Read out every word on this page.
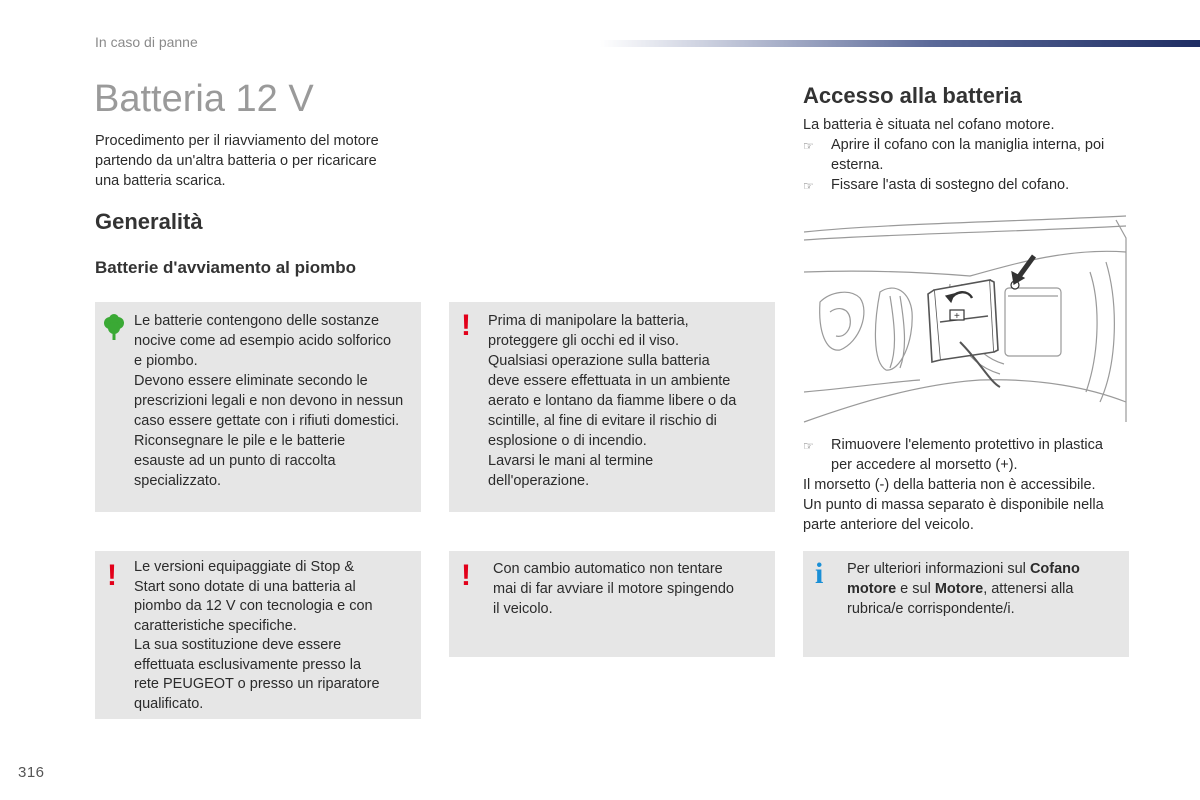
In caso di panne
Batteria 12 V
Procedimento per il riavviamento del motore
partendo da un'altra batteria o per ricaricare
una batteria scarica.
Generalità
Batterie d'avviamento al piombo

Le batterie contengono delle sostanze

nocive come ad esempio acido solforico

e piombo.

Devono essere eliminate secondo le

prescrizioni legali e non devono in nessun

caso essere gettate con i rifiuti domestici.

Riconsegnare le pile e le batterie

esauste ad un punto di raccolta

specializzato.

! Prima di manipolare la batteria,

proteggere gli occhi ed il viso.

Qualsiasi operazione sulla batteria

deve essere effettuata in un ambiente

aerato e lontano da fiamme libere o da

scintille, al fine di evitare il rischio di

esplosione o di incendio.

Lavarsi le mani al termine

dell'operazione.

! Le versioni equipaggiate di Stop &

Start sono dotate di una batteria al

piombo da 12 V con tecnologia e con

caratteristiche specifiche.

La sua sostituzione deve essere

effettuata esclusivamente presso la

rete PEUGEOT o presso un riparatore

qualificato.

! Con cambio automatico non tentare

mai di far avviare il motore spingendo

il veicolo.

Accesso alla batteria

La batteria è situata nel cofano motore.

☞	Aprire il cofano con la maniglia interna, poi

esterna.

☞	Fissare l'asta di sostegno del cofano.

+
☞	Rimuovere l'elemento protettivo in plastica

per accedere al morsetto (+).

Il morsetto (-) della batteria non è accessibile.

Un punto di massa separato è disponibile nella

parte anteriore del veicolo.

i Per ulteriori informazioni sul Cofano

motore e sul Motore, attenersi alla

rubrica/e corrispondente/i.

316
